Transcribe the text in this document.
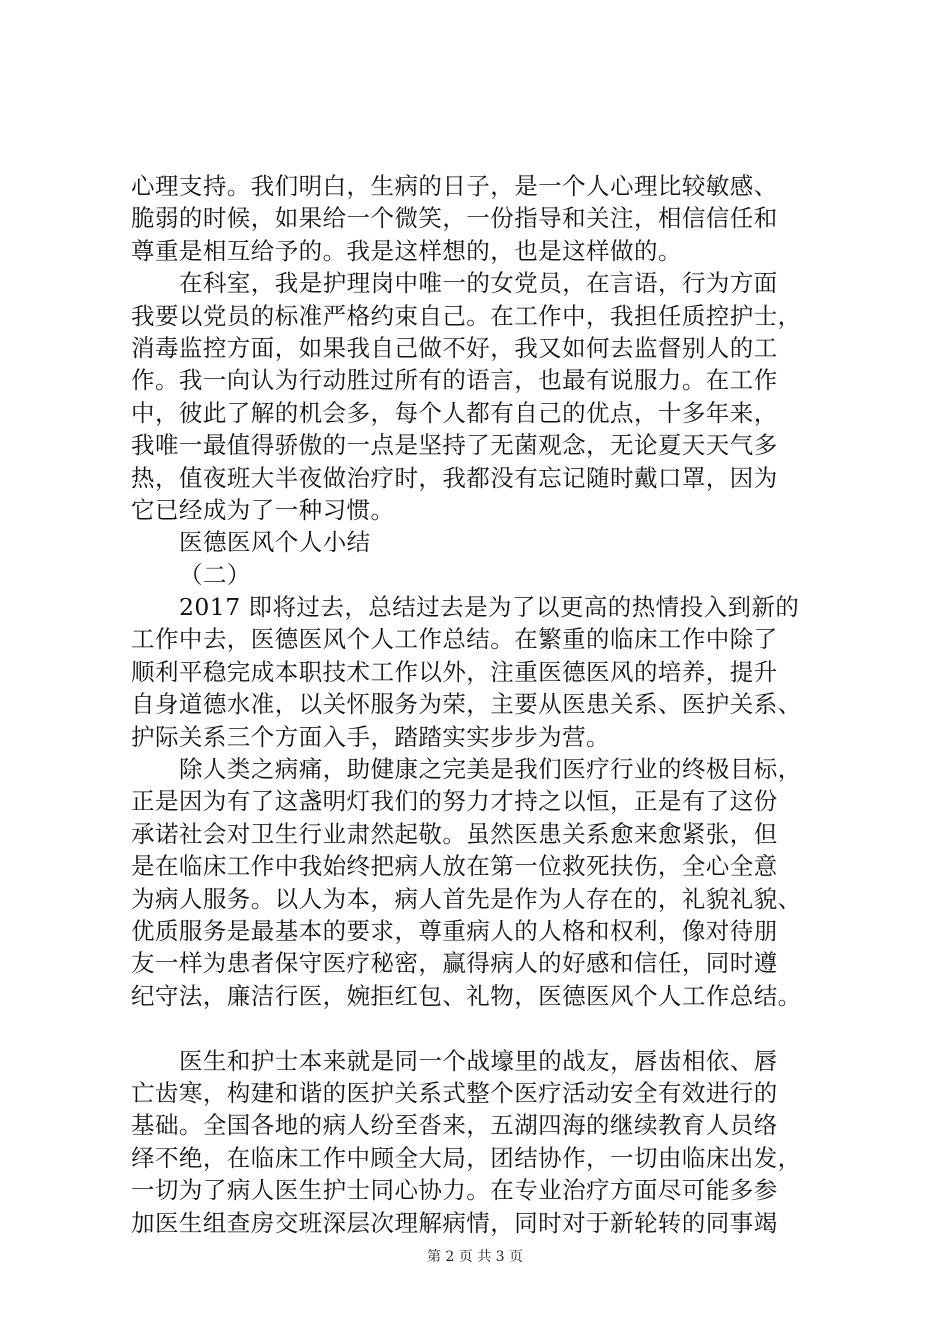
心理支持。我们明白，生病的日子，是一个人心理比较敏感、
脆弱的时候，如果给一个微笑，一份指导和关注，相信信任和
尊重是相互给予的。我是这样想的，也是这样做的。
在科室，我是护理岗中唯一的女党员，在言语，行为方面
我要以党员的标准严格约束自己。在工作中，我担任质控护士，
消毒监控方面，如果我自己做不好，我又如何去监督别人的工
作。我一向认为行动胜过所有的语言，也最有说服力。在工作
中，彼此了解的机会多，每个人都有自己的优点，十多年来，
我唯一最值得骄傲的一点是坚持了无菌观念，无论夏天天气多
热，值夜班大半夜做治疗时，我都没有忘记随时戴口罩，因为
它已经成为了一种习惯。
医德医风个人小结
（二）
2017 即将过去，总结过去是为了以更高的热情投入到新的
工作中去，医德医风个人工作总结。在繁重的临床工作中除了
顺利平稳完成本职技术工作以外，注重医德医风的培养，提升
自身道德水准，以关怀服务为荣，主要从医患关系、医护关系、
护际关系三个方面入手，踏踏实实步步为营。
除人类之病痛，助健康之完美是我们医疗行业的终极目标，
正是因为有了这盏明灯我们的努力才持之以恒，正是有了这份
承诺社会对卫生行业肃然起敬。虽然医患关系愈来愈紧张，但
是在临床工作中我始终把病人放在第一位救死扶伤，全心全意
为病人服务。以人为本，病人首先是作为人存在的，礼貌礼貌、
优质服务是最基本的要求，尊重病人的人格和权利，像对待朋
友一样为患者保守医疗秘密，赢得病人的好感和信任，同时遵
纪守法，廉洁行医，婉拒红包、礼物，医德医风个人工作总结。
医生和护士本来就是同一个战壕里的战友，唇齿相依、唇
亡齿寒，构建和谐的医护关系式整个医疗活动安全有效进行的
基础。全国各地的病人纷至沓来，五湖四海的继续教育人员络
绎不绝，在临床工作中顾全大局，团结协作，一切由临床出发，
一切为了病人医生护士同心协力。在专业治疗方面尽可能多参
加医生组查房交班深层次理解病情，同时对于新轮转的同事竭
第 2 页 共 3 页
